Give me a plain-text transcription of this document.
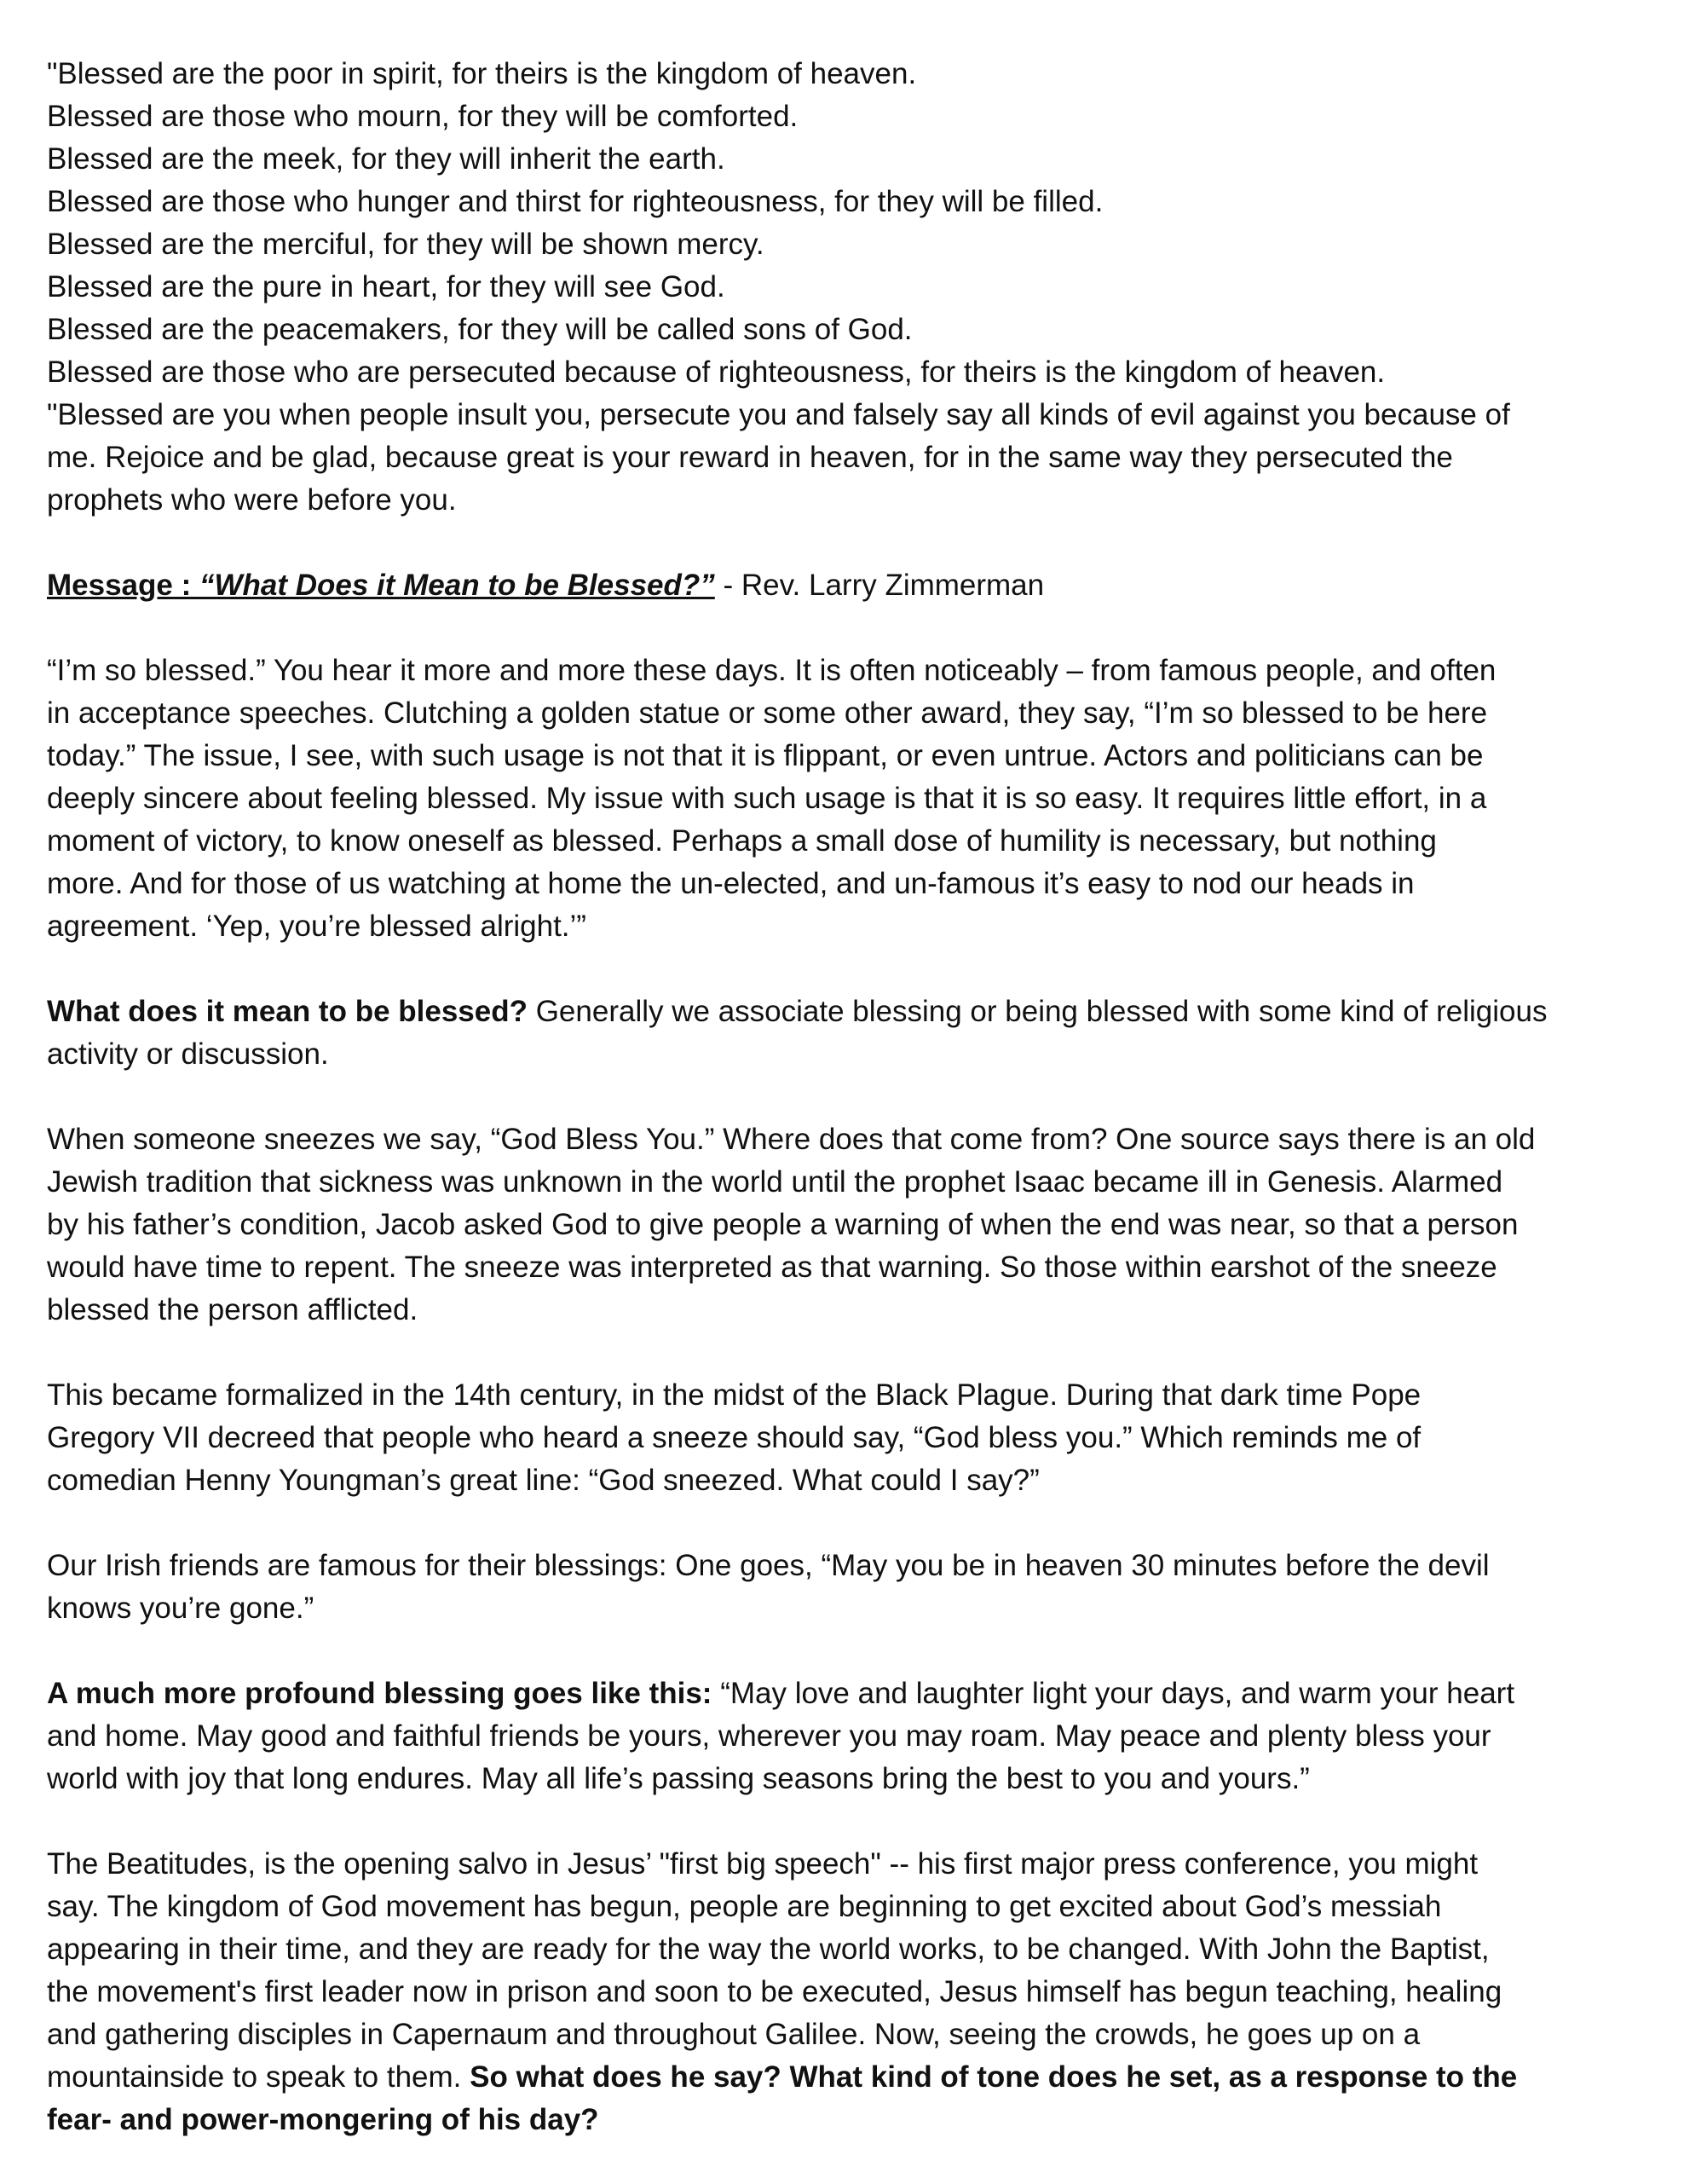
"Blessed are the poor in spirit, for theirs is the kingdom of heaven.
Blessed are those who mourn, for they will be comforted.
Blessed are the meek, for they will inherit the earth.
Blessed are those who hunger and thirst for righteousness, for they will be filled.
Blessed are the merciful, for they will be shown mercy.
Blessed are the pure in heart, for they will see God.
Blessed are the peacemakers, for they will be called sons of God.
Blessed are those who are persecuted because of righteousness, for theirs is the kingdom of heaven.
"Blessed are you when people insult you, persecute you and falsely say all kinds of evil against you because of
me. Rejoice and be glad, because great is your reward in heaven, for in the same way they persecuted the
prophets who were before you.
Message : “What Does it Mean to be Blessed?” - Rev. Larry Zimmerman
“I’m so blessed.” You hear it more and more these days. It is often noticeably – from famous people, and often
in acceptance speeches. Clutching a golden statue or some other award, they say, “I’m so blessed to be here
today.” The issue, I see, with such usage is not that it is flippant, or even untrue. Actors and politicians can be
deeply sincere about feeling blessed. My issue with such usage is that it is so easy. It requires little effort, in a
moment of victory, to know oneself as blessed. Perhaps a small dose of humility is necessary, but nothing
more. And for those of us watching at home the un-elected, and un-famous it’s easy to nod our heads in
agreement. ‘Yep, you’re blessed alright.’”
What does it mean to be blessed? Generally we associate blessing or being blessed with some kind of religious
activity or discussion.
When someone sneezes we say, “God Bless You.” Where does that come from? One source says there is an old
Jewish tradition that sickness was unknown in the world until the prophet Isaac became ill in Genesis. Alarmed
by his father’s condition, Jacob asked God to give people a warning of when the end was near, so that a person
would have time to repent. The sneeze was interpreted as that warning. So those within earshot of the sneeze
blessed the person afflicted.
This became formalized in the 14th century, in the midst of the Black Plague. During that dark time Pope
Gregory VII decreed that people who heard a sneeze should say, “God bless you.” Which reminds me of
comedian Henny Youngman’s great line: “God sneezed. What could I say?”
Our Irish friends are famous for their blessings: One goes, “May you be in heaven 30 minutes before the devil
knows you’re gone.”
A much more profound blessing goes like this: “May love and laughter light your days, and warm your heart
and home. May good and faithful friends be yours, wherever you may roam. May peace and plenty bless your
world with joy that long endures. May all life’s passing seasons bring the best to you and yours.”
The Beatitudes, is the opening salvo in Jesus’ "first big speech" -- his first major press conference, you might
say. The kingdom of God movement has begun, people are beginning to get excited about God’s messiah
appearing in their time, and they are ready for the way the world works, to be changed. With John the Baptist,
the movement's first leader now in prison and soon to be executed, Jesus himself has begun teaching, healing
and gathering disciples in Capernaum and throughout Galilee. Now, seeing the crowds, he goes up on a
mountainside to speak to them. So what does he say? What kind of tone does he set, as a response to the
fear- and power-mongering of his day?
